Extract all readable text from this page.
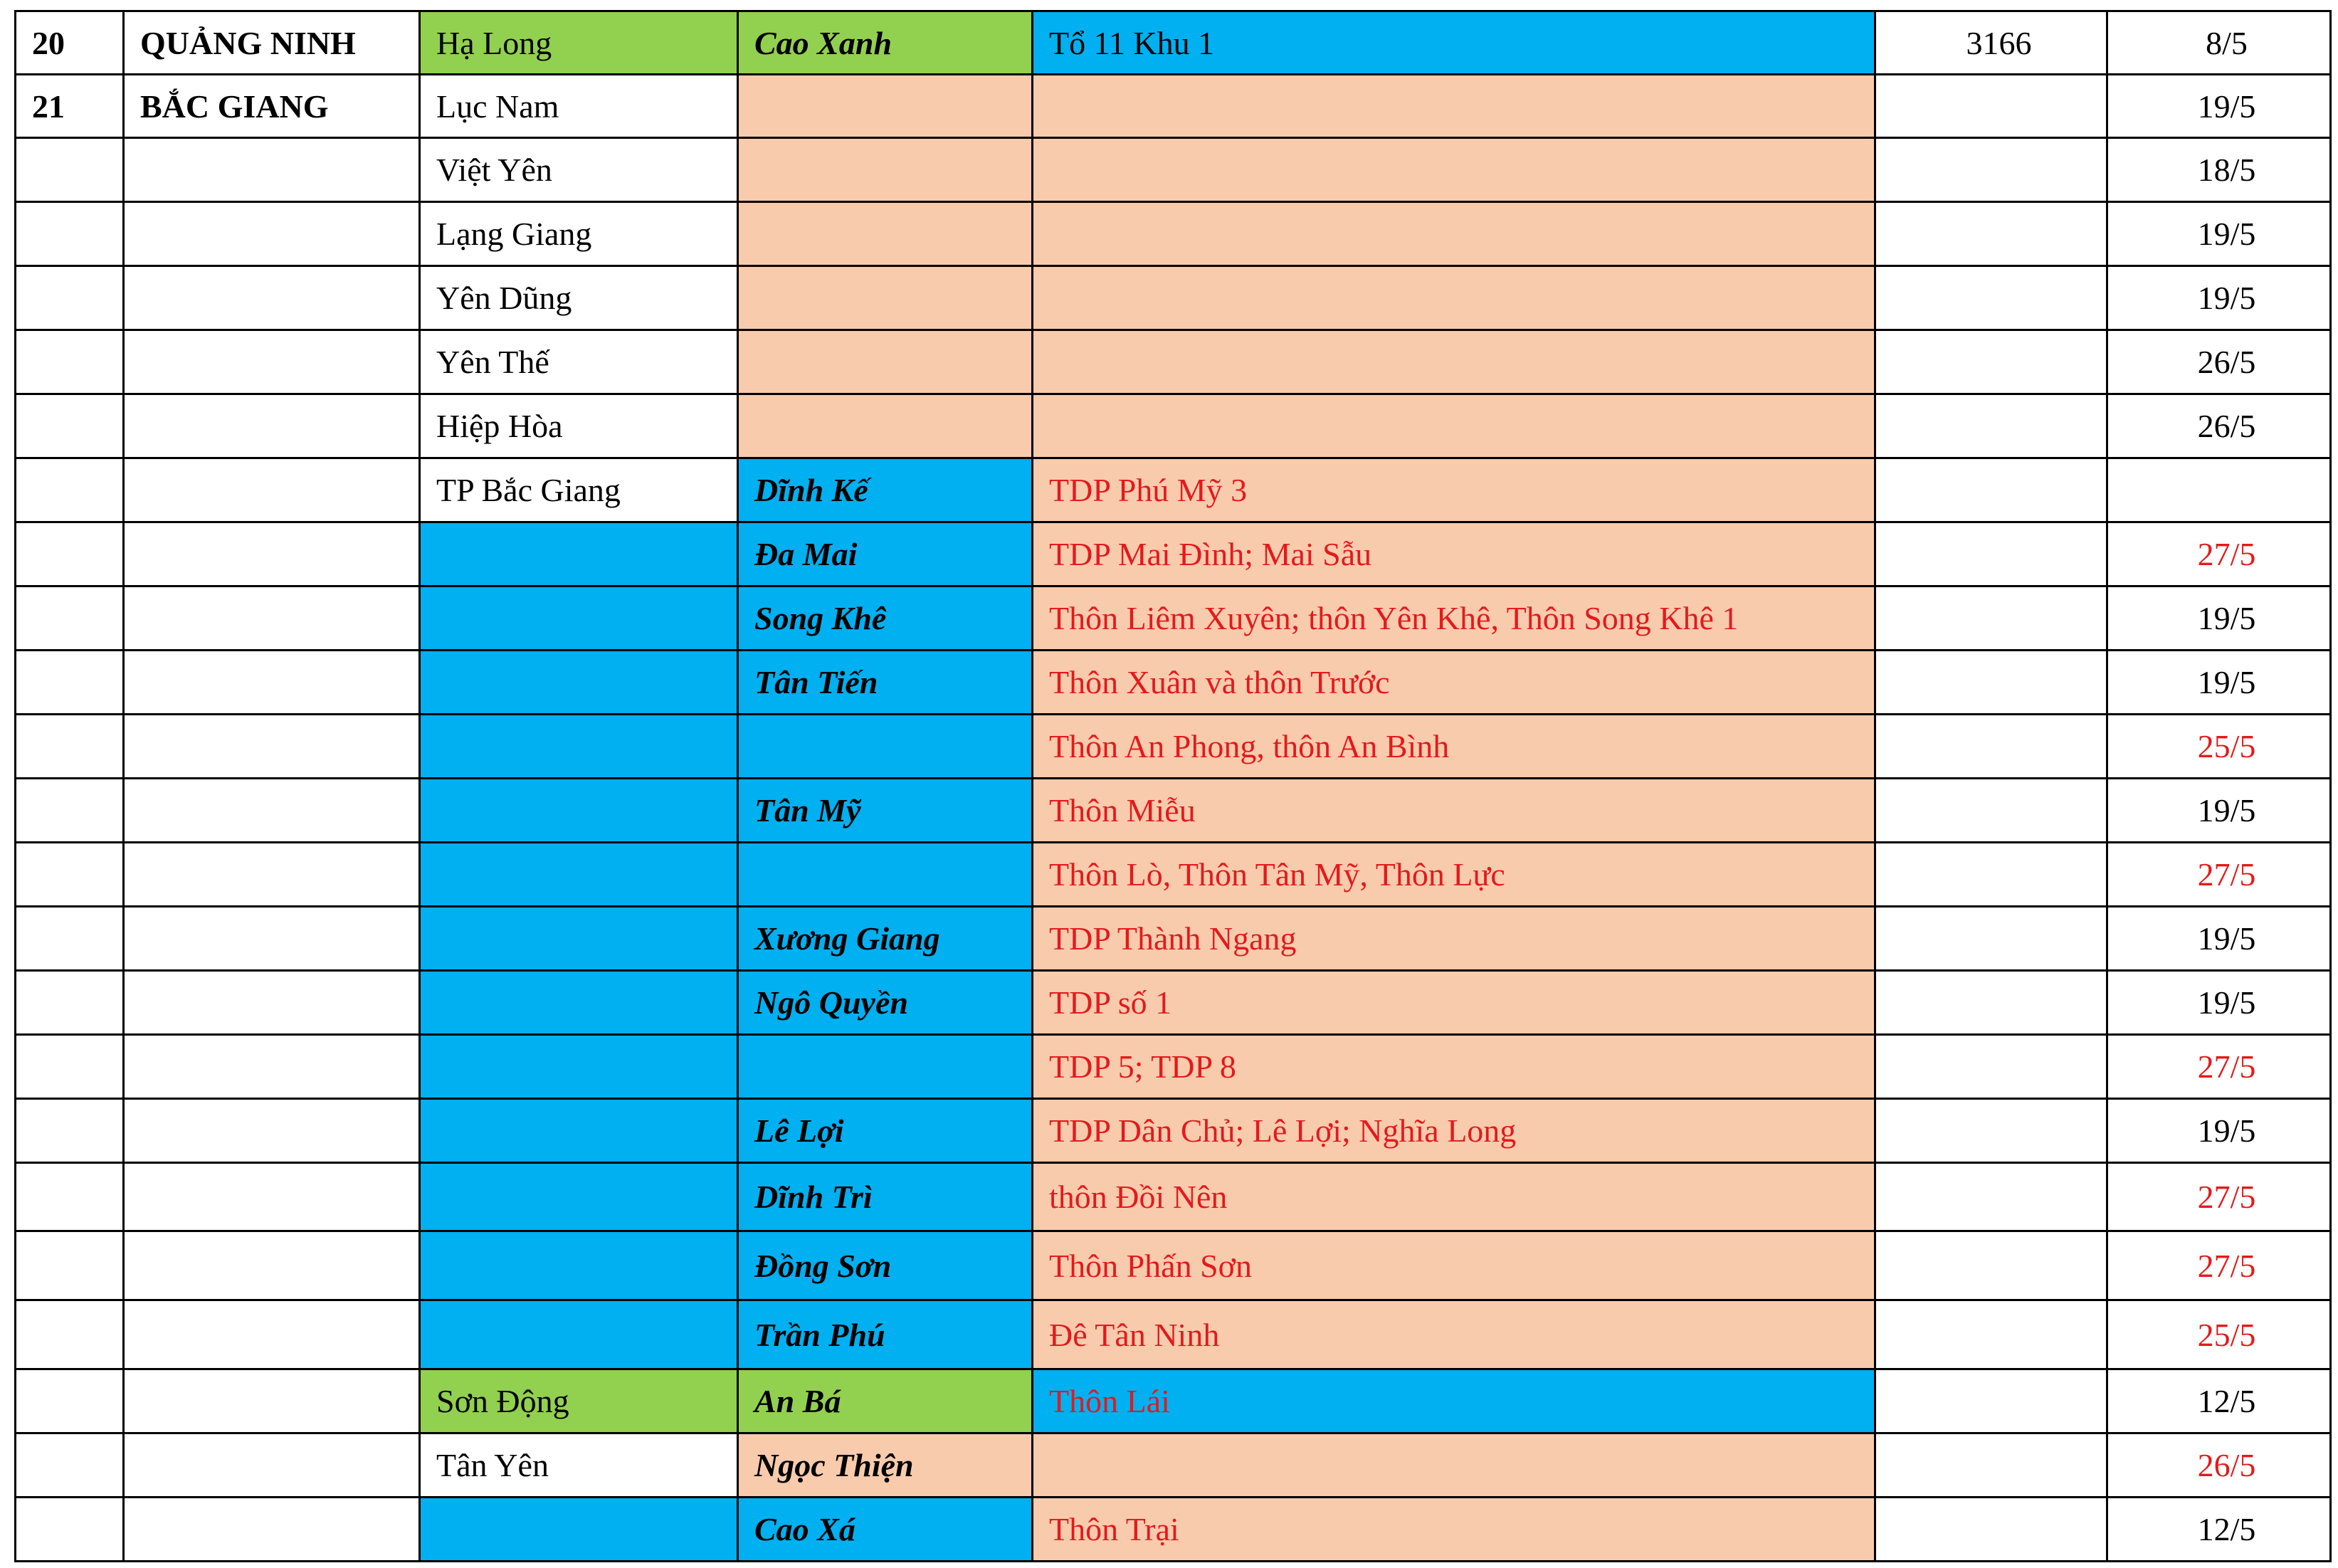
20	QUẢNG NINH	Hạ Long	Cao Xanh	Tổ 11 Khu 1	3166	8/5
21	BẮC GIANG	Lục Nam				19/5
		Việt Yên				18/5
		Lạng Giang				19/5
		Yên Dũng				19/5
		Yên Thế				26/5
		Hiệp Hòa				26/5
		TP Bắc Giang	Dĩnh Kế	TDP Phú Mỹ 3		
			Đa Mai	TDP Mai Đình; Mai Sẫu		27/5
			Song Khê	Thôn Liêm Xuyên; thôn Yên Khê, Thôn Song Khê 1		19/5
			Tân Tiến	Thôn Xuân và thôn Trước		19/5
				Thôn An Phong, thôn An Bình		25/5
			Tân Mỹ	Thôn Miễu		19/5
				Thôn Lò, Thôn Tân Mỹ, Thôn Lực		27/5
			Xương Giang	TDP Thành Ngang		19/5
			Ngô Quyền	TDP số 1		19/5
				TDP 5; TDP 8		27/5
			Lê Lợi	TDP Dân Chủ; Lê Lợi; Nghĩa Long		19/5
			Dĩnh Trì	thôn Đồi Nên		27/5
			Đồng Sơn	Thôn Phấn Sơn		27/5
			Trần Phú	Đê Tân Ninh		25/5
		Sơn Động	An Bá	Thôn Lái		12/5
		Tân Yên	Ngọc Thiện			26/5
			Cao Xá	Thôn Trại		12/5
